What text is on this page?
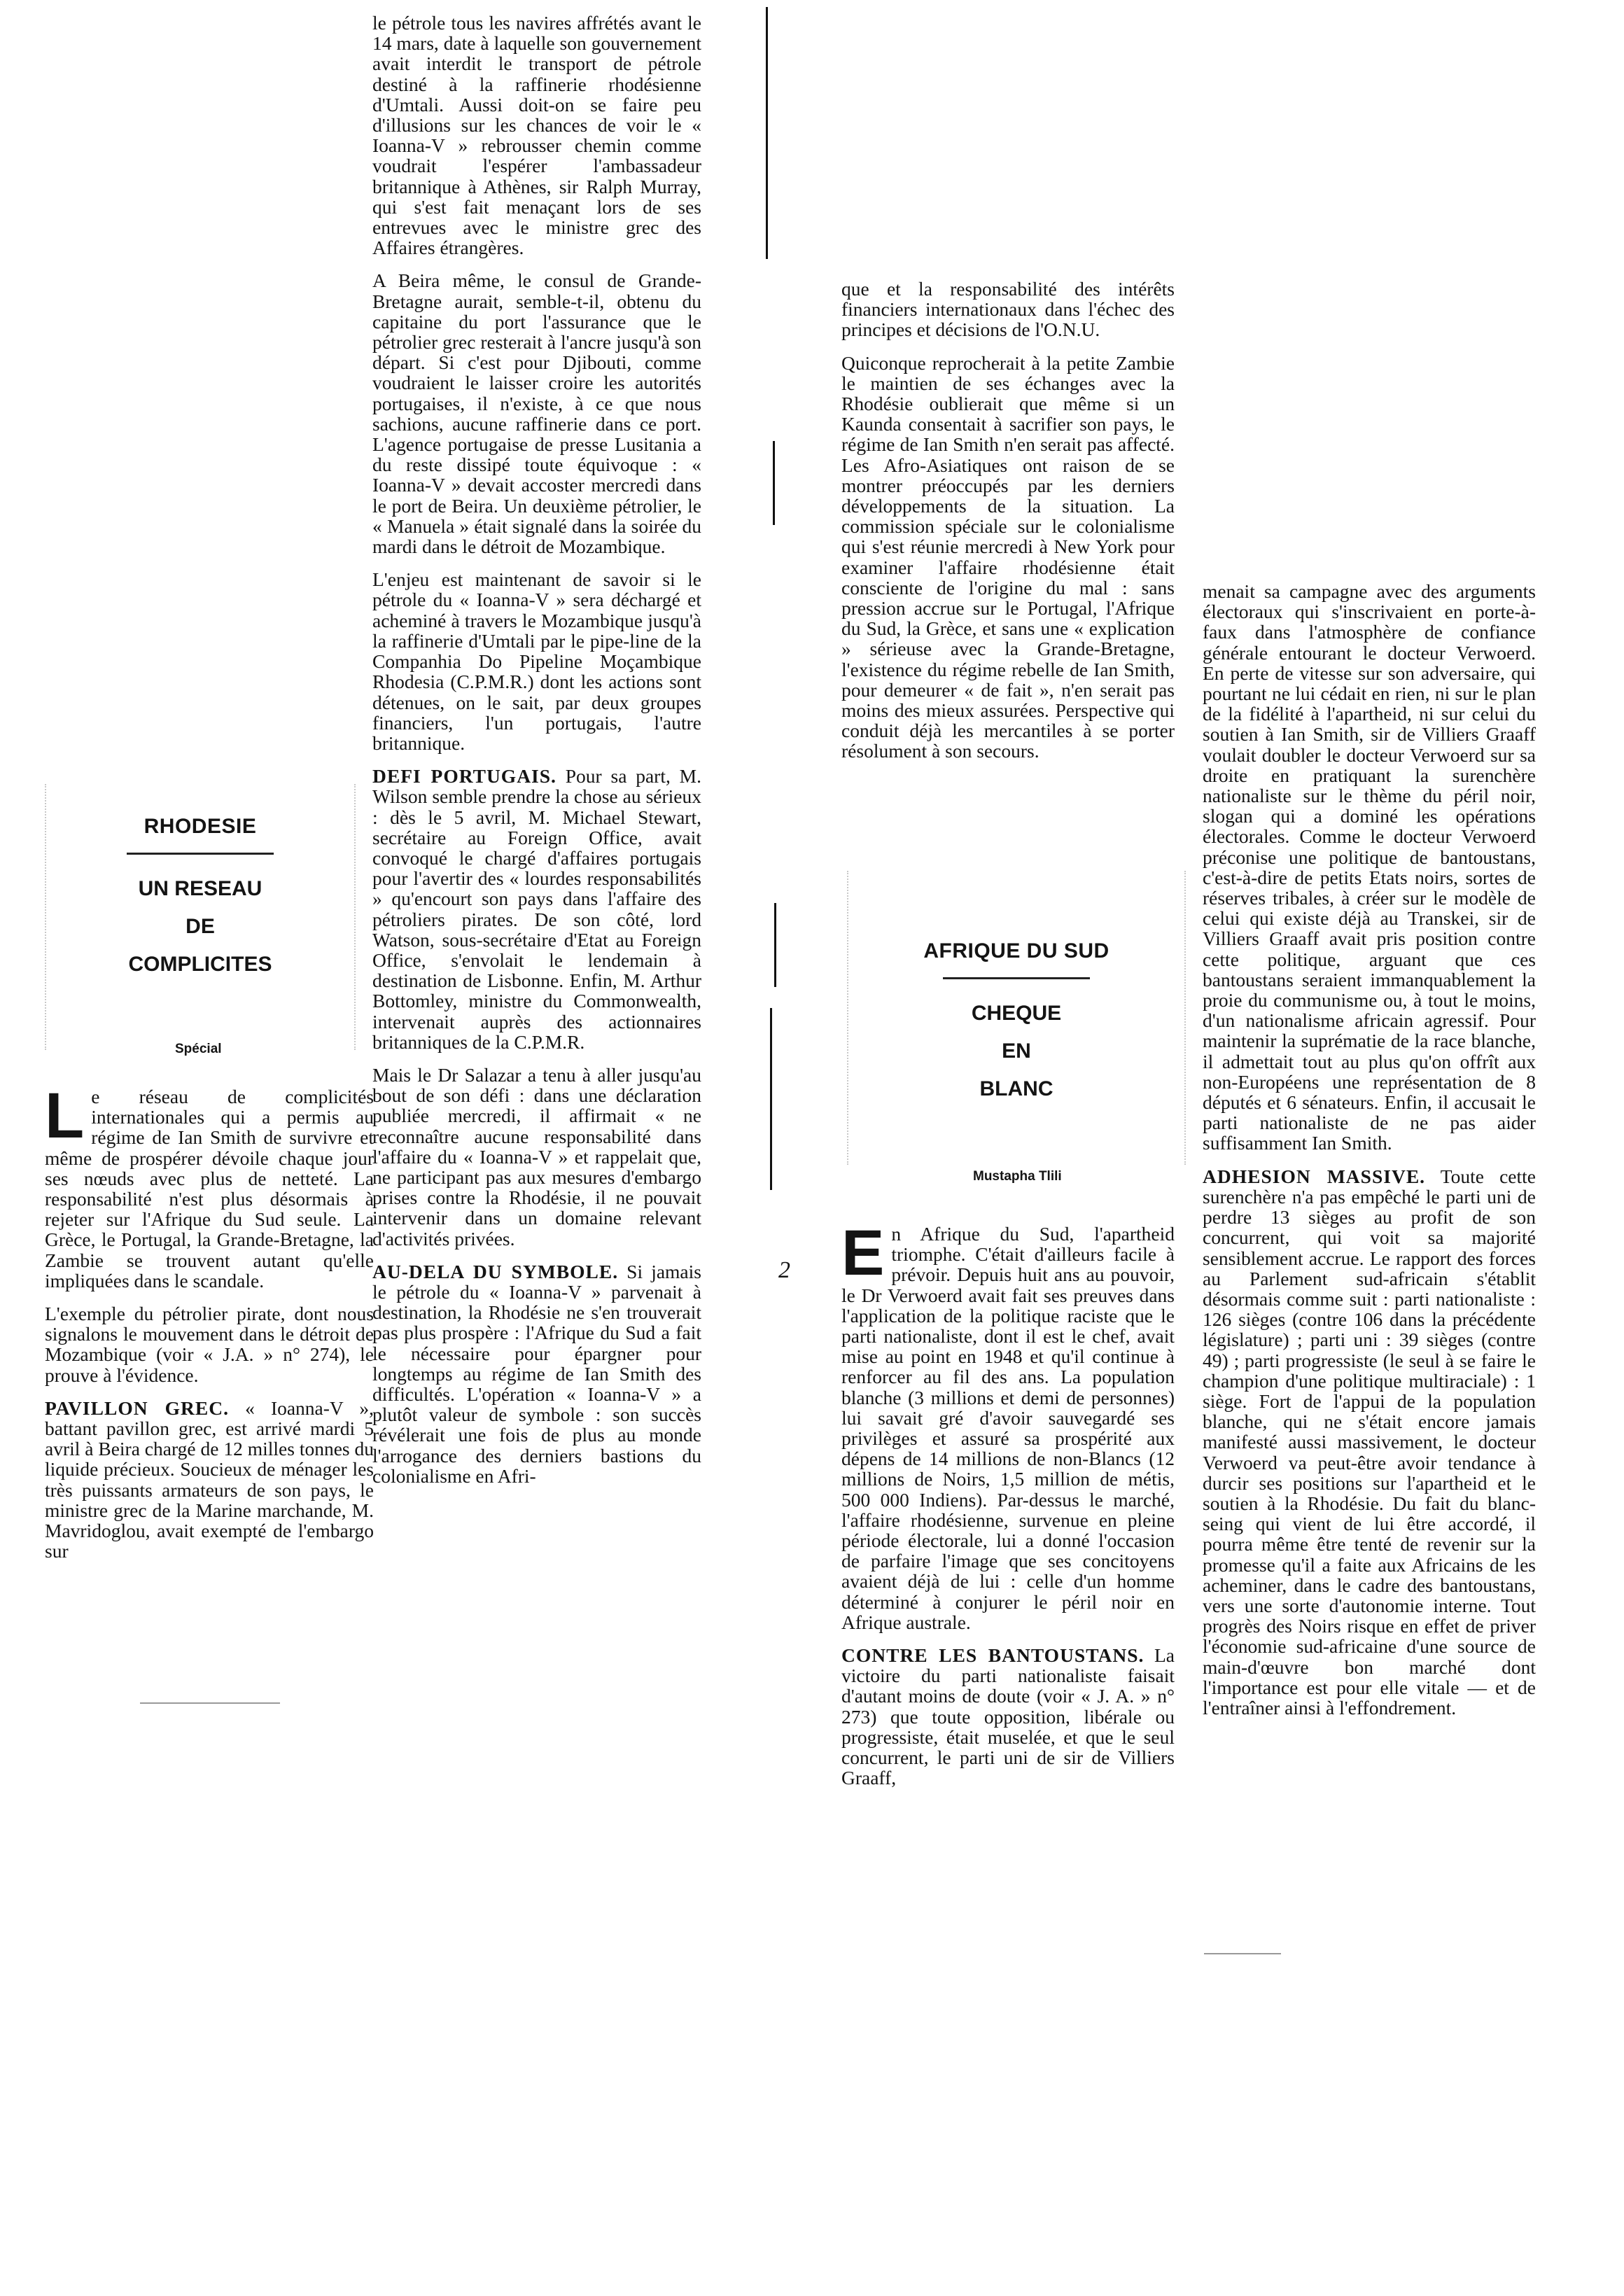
RHODESIE
UN RESEAU
DE
COMPLICITES
Spécial

Le réseau de complicités internationales qui a permis au régime de Ian Smith de survivre et même de prospérer dévoile chaque jour ses nœuds avec plus de netteté. La responsabilité n'est plus désormais à rejeter sur l'Afrique du Sud seule. La Grèce, le Portugal, la Grande-Bretagne, la Zambie se trouvent autant qu'elle impliquées dans le scandale.

L'exemple du pétrolier pirate, dont nous signalons le mouvement dans le détroit de Mozambique (voir « J.A. » n° 274), le prouve à l'évidence.

PAVILLON GREC. « Ioanna-V », battant pavillon grec, est arrivé mardi 5 avril à Beira chargé de 12 milles tonnes du liquide précieux. Soucieux de ménager les très puissants armateurs de son pays, le ministre grec de la Marine marchande, M. Mavridoglou, avait exempté de l'embargo sur

le pétrole tous les navires affrétés avant le 14 mars, date à laquelle son gouvernement avait interdit le transport de pétrole destiné à la raffinerie rhodésienne d'Umtali. Aussi doit-on se faire peu d'illusions sur les chances de voir le « Ioanna-V » rebrousser chemin comme voudrait l'espérer l'ambassadeur britannique à Athènes, sir Ralph Murray, qui s'est fait menaçant lors de ses entrevues avec le ministre grec des Affaires étrangères.

A Beira même, le consul de Grande-Bretagne aurait, semble-t-il, obtenu du capitaine du port l'assurance que le pétrolier grec resterait à l'ancre jusqu'à son départ. Si c'est pour Djibouti, comme voudraient le laisser croire les autorités portugaises, il n'existe, à ce que nous sachions, aucune raffinerie dans ce port. L'agence portugaise de presse Lusitania a du reste dissipé toute équivoque : « Ioanna-V » devait accoster mercredi dans le port de Beira. Un deuxième pétrolier, le « Manuela » était signalé dans la soirée du mardi dans le détroit de Mozambique.

L'enjeu est maintenant de savoir si le pétrole du « Ioanna-V » sera déchargé et acheminé à travers le Mozambique jusqu'à la raffinerie d'Umtali par le pipe-line de la Companhia Do Pipeline Moçambique Rhodesia (C.P.M.R.) dont les actions sont détenues, on le sait, par deux groupes financiers, l'un portugais, l'autre britannique.

DEFI PORTUGAIS. Pour sa part, M. Wilson semble prendre la chose au sérieux : dès le 5 avril, M. Michael Stewart, secrétaire au Foreign Office, avait convoqué le chargé d'affaires portugais pour l'avertir des « lourdes responsabilités » qu'encourt son pays dans l'affaire des pétroliers pirates. De son côté, lord Watson, sous-secrétaire d'Etat au Foreign Office, s'envolait le lendemain à destination de Lisbonne. Enfin, M. Arthur Bottomley, ministre du Commonwealth, intervenait auprès des actionnaires britanniques de la C.P.M.R.

Mais le Dr Salazar a tenu à aller jusqu'au bout de son défi : dans une déclaration publiée mercredi, il affirmait « ne reconnaître aucune responsabilité dans l'affaire du « Ioanna-V » et rappelait que, ne participant pas aux mesures d'embargo prises contre la Rhodésie, il ne pouvait intervenir dans un domaine relevant d'activités privées.

AU-DELA DU SYMBOLE. Si jamais le pétrole du « Ioanna-V » parvenait à destination, la Rhodésie ne s'en trouverait pas plus prospère : l'Afrique du Sud a fait le nécessaire pour épargner pour longtemps au régime de Ian Smith des difficultés. L'opération « Ioanna-V » a plutôt valeur de symbole : son succès révélerait une fois de plus au monde l'arrogance des derniers bastions du colonialisme en Afri-

que et la responsabilité des intérêts financiers internationaux dans l'échec des principes et décisions de l'O.N.U.

Quiconque reprocherait à la petite Zambie le maintien de ses échanges avec la Rhodésie oublierait que même si un Kaunda consentait à sacrifier son pays, le régime de Ian Smith n'en serait pas affecté. Les Afro-Asiatiques ont raison de se montrer préoccupés par les derniers développements de la situation. La commission spéciale sur le colonialisme qui s'est réunie mercredi à New York pour examiner l'affaire rhodésienne était consciente de l'origine du mal : sans pression accrue sur le Portugal, l'Afrique du Sud, la Grèce, et sans une « explication » sérieuse avec la Grande-Bretagne, l'existence du régime rebelle de Ian Smith, pour demeurer « de fait », n'en serait pas moins des mieux assurées. Perspective qui conduit déjà les mercantiles à se porter résolument à son secours.

AFRIQUE DU SUD
CHEQUE
EN
BLANC
Mustapha Tlili
2 En Afrique du Sud, l'apartheid triomphe. C'était d'ailleurs facile à prévoir. Depuis huit ans au pouvoir, le Dr Verwoerd avait fait ses preuves dans l'application de la politique raciste que le parti nationaliste, dont il est le chef, avait mise au point en 1948 et qu'il continue à renforcer au fil des ans. La population blanche (3 millions et demi de personnes) lui savait gré d'avoir sauvegardé ses privilèges et assuré sa prospérité aux dépens de 14 millions de non-Blancs (12 millions de Noirs, 1,5 million de métis, 500 000 Indiens). Par-dessus le marché, l'affaire rhodésienne, survenue en pleine période électorale, lui a donné l'occasion de parfaire l'image que ses concitoyens avaient déjà de lui : celle d'un homme déterminé à conjurer le péril noir en Afrique australe.

CONTRE LES BANTOUSTANS. La victoire du parti nationaliste faisait d'autant moins de doute (voir « J. A. » n° 273) que toute opposition, libérale ou progressiste, était muselée, et que le seul concurrent, le parti uni de sir de Villiers Graaff,

menait sa campagne avec des arguments électoraux qui s'inscrivaient en porte-à-faux dans l'atmosphère de confiance générale entourant le docteur Verwoerd. En perte de vitesse sur son adversaire, qui pourtant ne lui cédait en rien, ni sur le plan de la fidélité à l'apartheid, ni sur celui du soutien à Ian Smith, sir de Villiers Graaff voulait doubler le docteur Verwoerd sur sa droite en pratiquant la surenchère nationaliste sur le thème du péril noir, slogan qui a dominé les opérations électorales. Comme le docteur Verwoerd préconise une politique de bantoustans, c'est-à-dire de petits Etats noirs, sortes de réserves tribales, à créer sur le modèle de celui qui existe déjà au Transkei, sir de Villiers Graaff avait pris position contre cette politique, arguant que ces bantoustans seraient immanquablement la proie du communisme ou, à tout le moins, d'un nationalisme africain agressif. Pour maintenir la suprématie de la race blanche, il admettait tout au plus qu'on offrît aux non-Européens une représentation de 8 députés et 6 sénateurs. Enfin, il accusait le parti nationaliste de ne pas aider suffisamment Ian Smith.

ADHESION MASSIVE. Toute cette surenchère n'a pas empêché le parti uni de perdre 13 sièges au profit de son concurrent, qui voit sa majorité sensiblement accrue. Le rapport des forces au Parlement sud-africain s'établit désormais comme suit : parti nationaliste : 126 sièges (contre 106 dans la précédente législature) ; parti uni : 39 sièges (contre 49) ; parti progressiste (le seul à se faire le champion d'une politique multiraciale) : 1 siège. Fort de l'appui de la population blanche, qui ne s'était encore jamais manifesté aussi massivement, le docteur Verwoerd va peut-être avoir tendance à durcir ses positions sur l'apartheid et le soutien à la Rhodésie. Du fait du blanc-seing qui vient de lui être accordé, il pourra même être tenté de revenir sur la promesse qu'il a faite aux Africains de les acheminer, dans le cadre des bantoustans, vers une sorte d'autonomie interne. Tout progrès des Noirs risque en effet de priver l'économie sud-africaine d'une source de main-d'œuvre bon marché dont l'importance est pour elle vitale — et de l'entraîner ainsi à l'effondrement.
